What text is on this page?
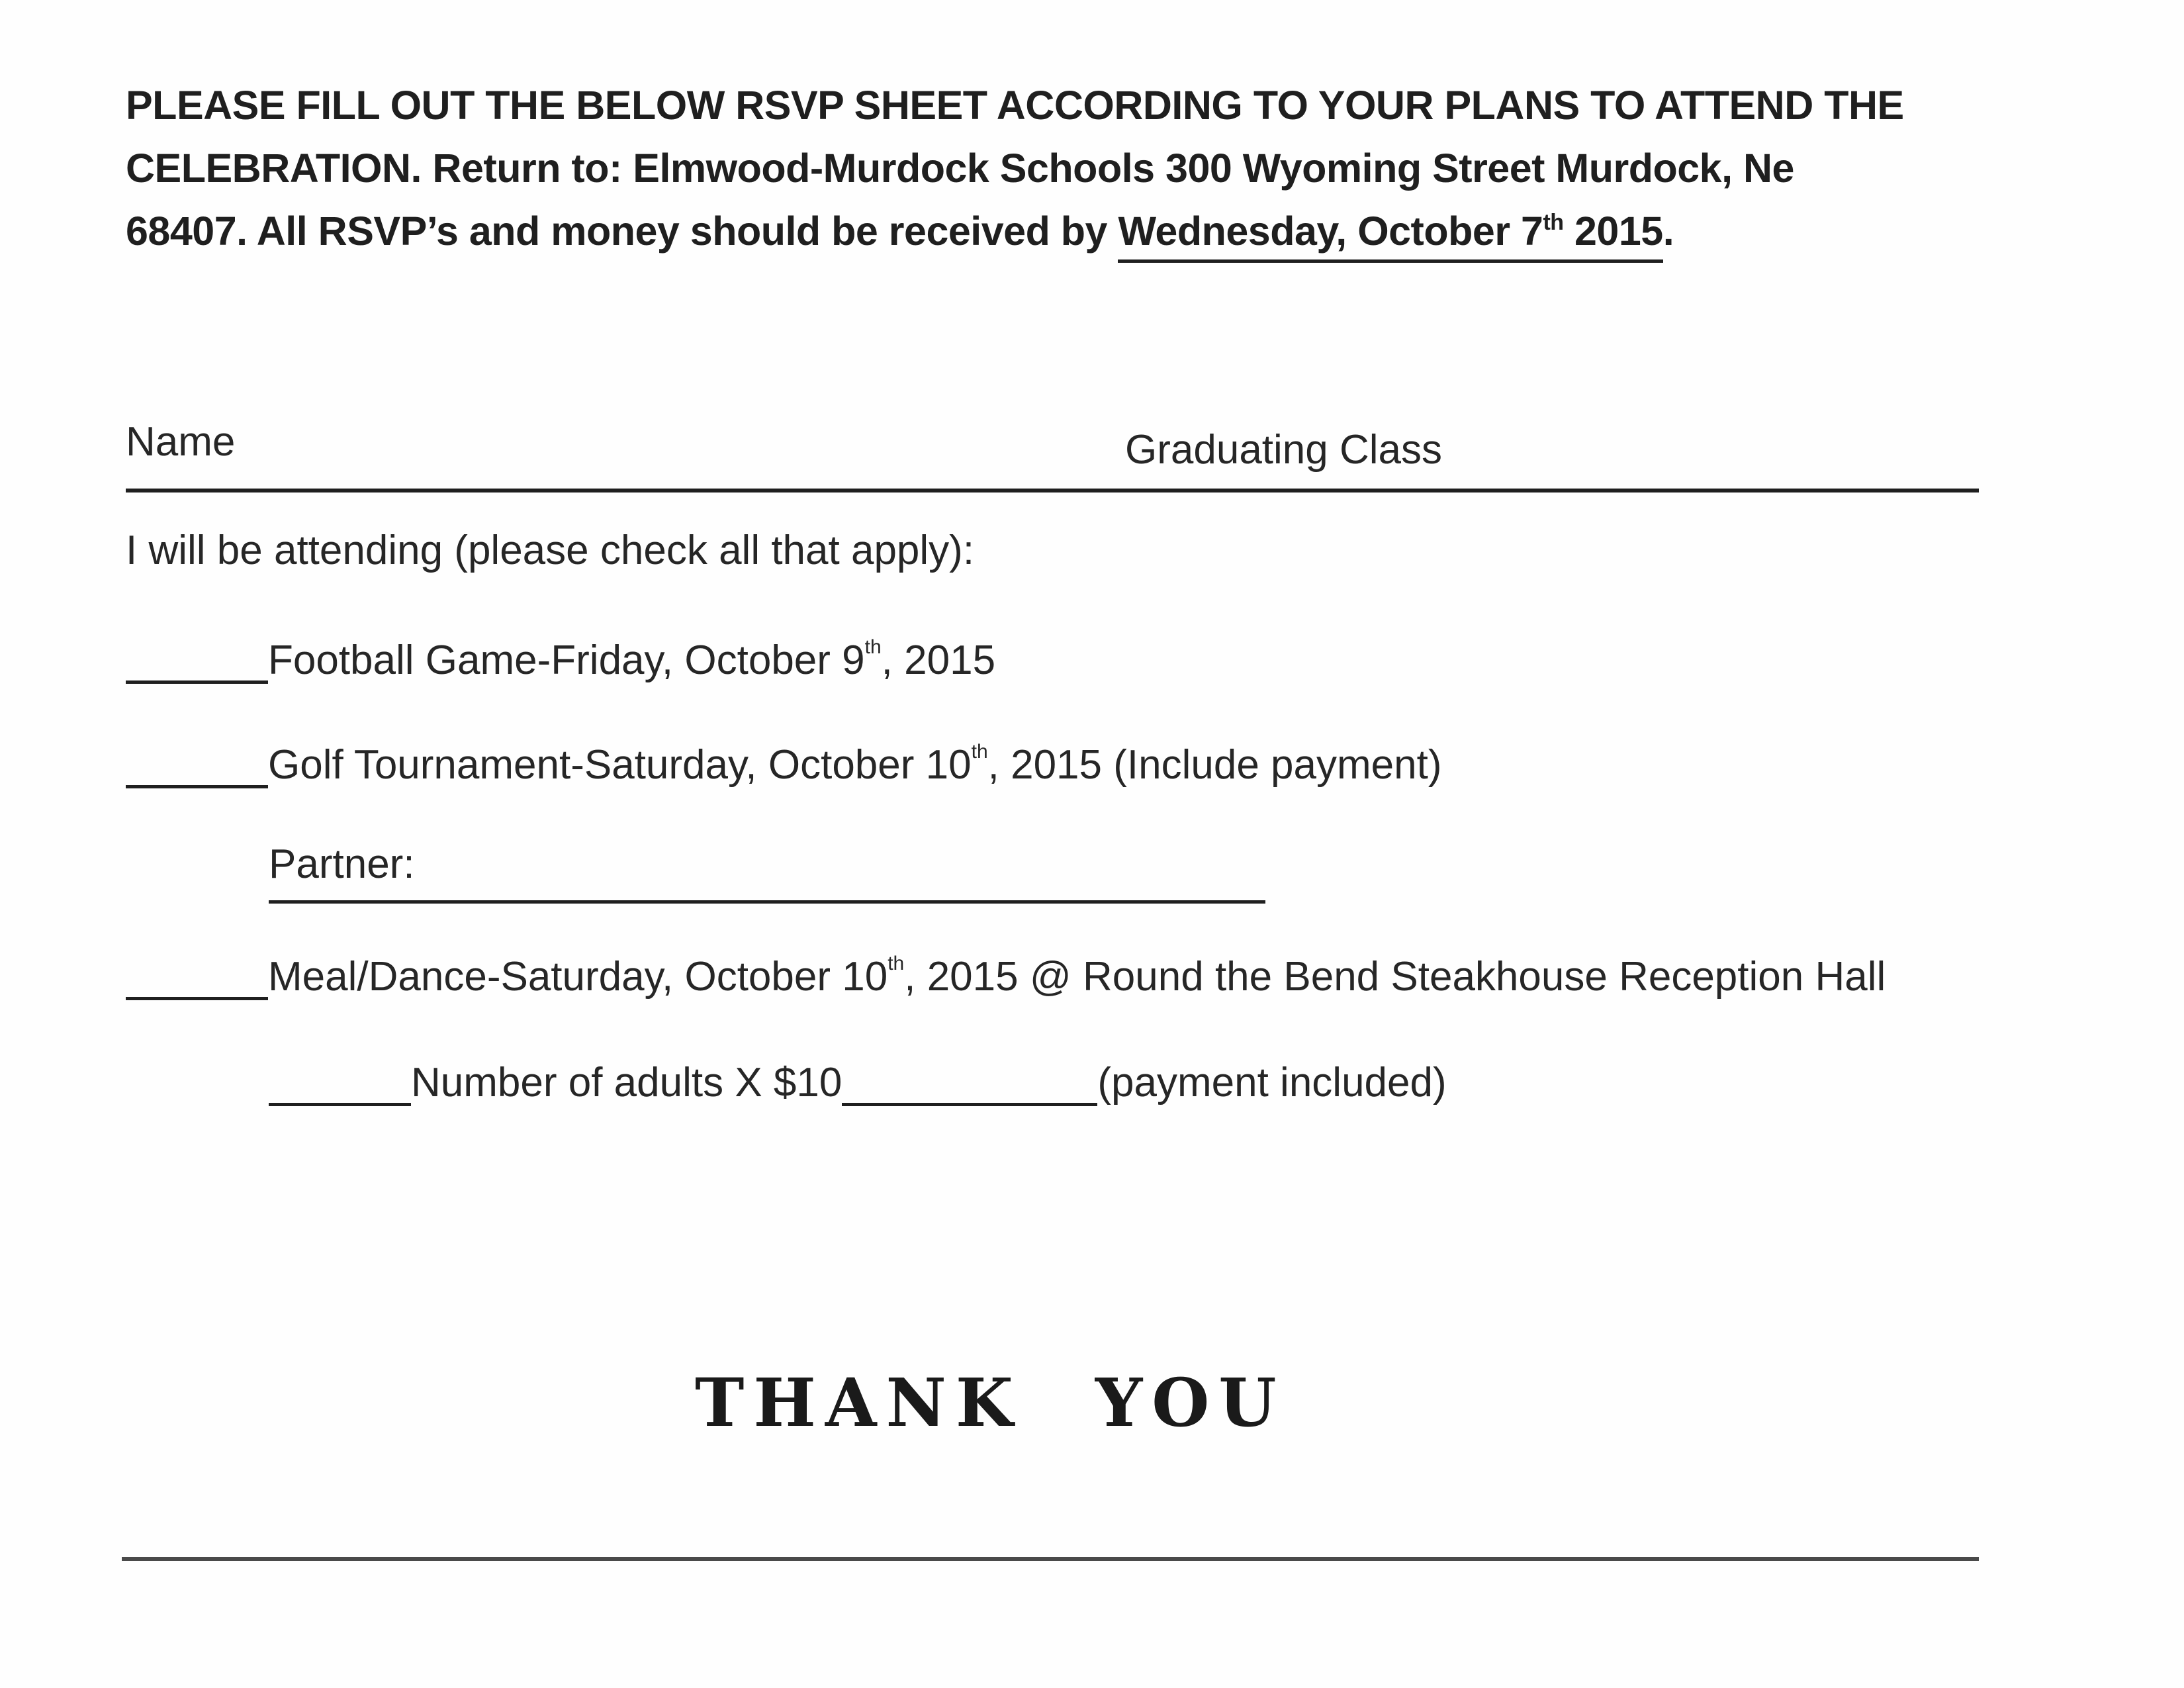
PLEASE FILL OUT THE BELOW RSVP SHEET ACCORDING TO YOUR PLANS TO ATTEND THE
CELEBRATION. Return to: Elmwood-Murdock Schools 300 Wyoming Street Murdock, Ne
68407. All RSVP’s and money should be received by Wednesday, October 7th 2015.
Name	Graduating Class
I will be attending (please check all that apply):
Football Game-Friday, October 9th, 2015
Golf Tournament-Saturday, October 10th, 2015 (Include payment)
Partner:
Meal/Dance-Saturday, October 10th, 2015 @ Round the Bend Steakhouse Reception Hall
Number of adults X $10	(payment included)
THANK YOU
